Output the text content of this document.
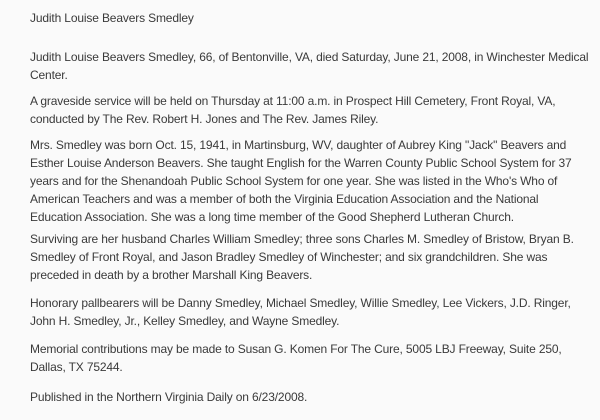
Judith Louise Beavers Smedley

Judith Louise Beavers Smedley, 66, of Bentonville, VA, died Saturday, June 21, 2008, in Winchester Medical Center.

A graveside service will be held on Thursday at 11:00 a.m. in Prospect Hill Cemetery, Front Royal, VA, conducted by The Rev. Robert H. Jones and The Rev. James Riley.

Mrs. Smedley was born Oct. 15, 1941, in Martinsburg, WV, daughter of Aubrey King "Jack" Beavers and Esther Louise Anderson Beavers. She taught English for the Warren County Public School System for 37 years and for the Shenandoah Public School System for one year. She was listed in the Who's Who of American Teachers and was a member of both the Virginia Education Association and the National Education Association. She was a long time member of the Good Shepherd Lutheran Church.

Surviving are her husband Charles William Smedley; three sons Charles M. Smedley of Bristow, Bryan B. Smedley of Front Royal, and Jason Bradley Smedley of Winchester; and six grandchildren. She was preceded in death by a brother Marshall King Beavers.

Honorary pallbearers will be Danny Smedley, Michael Smedley, Willie Smedley, Lee Vickers, J.D. Ringer, John H. Smedley, Jr., Kelley Smedley, and Wayne Smedley.

Memorial contributions may be made to Susan G. Komen For The Cure, 5005 LBJ Freeway, Suite 250, Dallas, TX 75244.

Published in the Northern Virginia Daily on 6/23/2008.
